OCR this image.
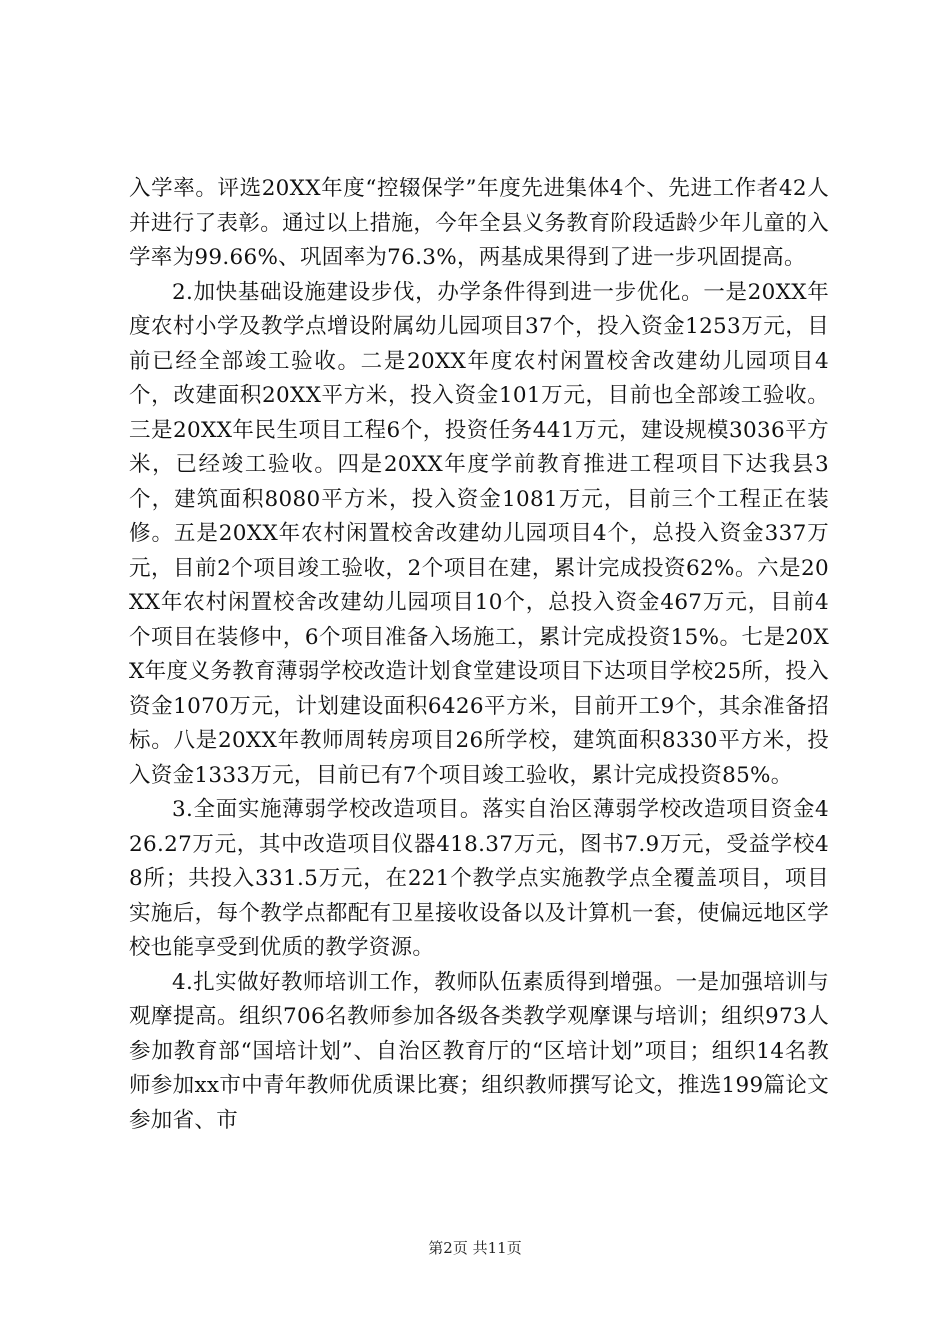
入学率。评选20XX年度“控辍保学”年度先进集体4个、先进工作者42人并进行了表彰。通过以上措施，今年全县义务教育阶段适龄少年儿童的入学率为99.66%、巩固率为76.3%，两基成果得到了进一步巩固提高。

2.加快基础设施建设步伐，办学条件得到进一步优化。一是20XX年度农村小学及教学点增设附属幼儿园项目37个，投入资金1253万元，目前已经全部竣工验收。二是20XX年度农村闲置校舍改建幼儿园项目4个，改建面积20XX平方米，投入资金101万元，目前也全部竣工验收。三是20XX年民生项目工程6个，投资任务441万元，建设规模3036平方米，已经竣工验收。四是20XX年度学前教育推进工程项目下达我县3个，建筑面积8080平方米，投入资金1081万元，目前三个工程正在装修。五是20XX年农村闲置校舍改建幼儿园项目4个，总投入资金337万元，目前2个项目竣工验收，2个项目在建，累计完成投资62%。六是20XX年农村闲置校舍改建幼儿园项目10个，总投入资金467万元，目前4个项目在装修中，6个项目准备入场施工，累计完成投资15%。七是20XX年度义务教育薄弱学校改造计划食堂建设项目下达项目学校25所，投入资金1070万元，计划建设面积6426平方米，目前开工9个，其余准备招标。八是20XX年教师周转房项目26所学校，建筑面积8330平方米，投入资金1333万元，目前已有7个项目竣工验收，累计完成投资85%。

3.全面实施薄弱学校改造项目。落实自治区薄弱学校改造项目资金426.27万元，其中改造项目仪器418.37万元，图书7.9万元，受益学校48所；共投入331.5万元，在221个教学点实施教学点全覆盖项目，项目实施后，每个教学点都配有卫星接收设备以及计算机一套，使偏远地区学校也能享受到优质的教学资源。

4.扎实做好教师培训工作，教师队伍素质得到增强。一是加强培训与观摩提高。组织706名教师参加各级各类教学观摩课与培训；组织973人参加教育部“国培计划”、自治区教育厅的“区培计划”项目；组织14名教师参加xx市中青年教师优质课比赛；组织教师撰写论文，推选199篇论文参加省、市

第2页 共11页
